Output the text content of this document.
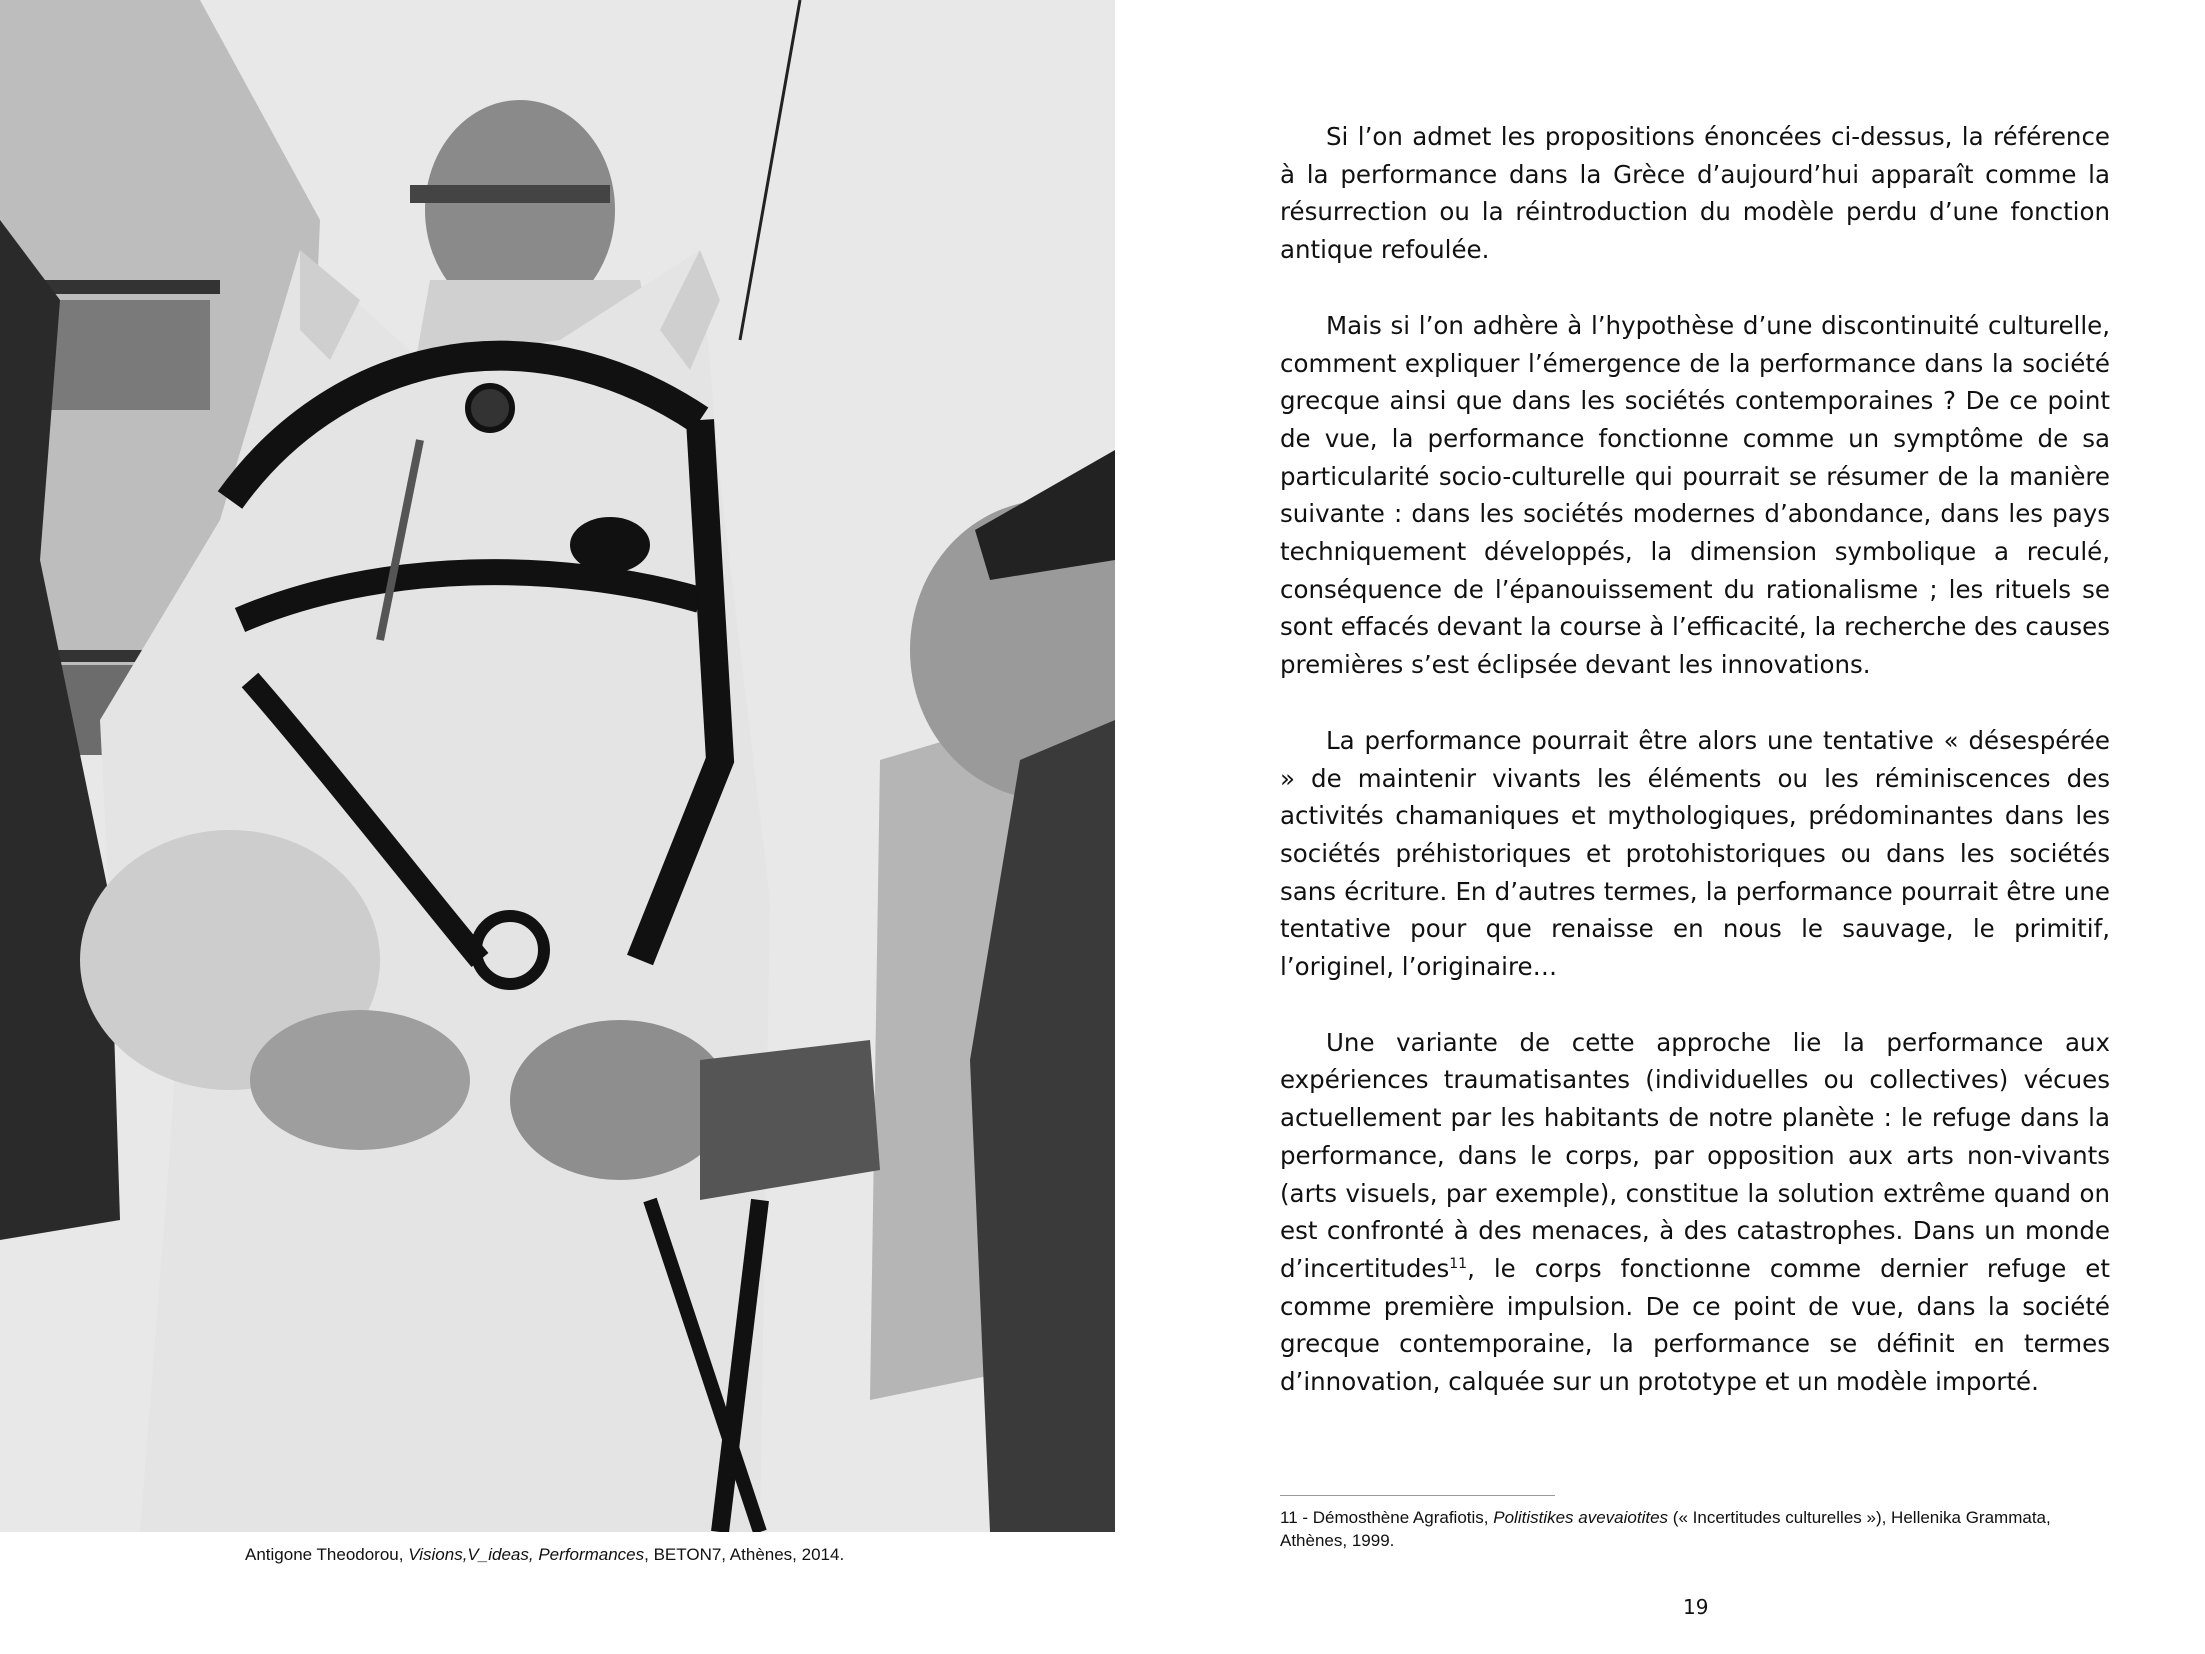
Antigone Theodorou, Visions,V_ideas, Performances, BETON7, Athènes, 2014.

Si l’on admet les propositions énoncées ci-dessus, la référence à la performance dans la Grèce d’aujourd’hui apparaît comme la résurrection ou la réintroduction du modèle perdu d’une fonction antique refoulée.

Mais si l’on adhère à l’hypothèse d’une discontinuité culturelle, comment expliquer l’émergence de la performance dans la société grecque ainsi que dans les sociétés contemporaines ? De ce point de vue, la performance fonctionne comme un symptôme de sa particularité socio-culturelle qui pourrait se résumer de la manière suivante : dans les sociétés modernes d’abondance, dans les pays techniquement développés, la dimension symbolique a reculé, conséquence de l’épanouissement du rationalisme ; les rituels se sont effacés devant la course à l’efficacité, la recherche des causes premières s’est éclipsée devant les innovations.

La performance pourrait être alors une tentative « désespérée » de maintenir vivants les éléments ou les réminiscences des activités chamaniques et mythologiques, prédominantes dans les sociétés préhistoriques et protohistoriques ou dans les sociétés sans écriture. En d’autres termes, la performance pourrait être une tentative pour que renaisse en nous le sauvage, le primitif, l’originel, l’originaire…

Une variante de cette approche lie la performance aux expériences traumatisantes (individuelles ou collectives) vécues actuellement par les habitants de notre planète : le refuge dans la performance, dans le corps, par opposition aux arts non-vivants (arts visuels, par exemple), constitue la solution extrême quand on est confronté à des menaces, à des catastrophes. Dans un monde d’incertitudes$^{11}$, le corps fonctionne comme dernier refuge et comme première impulsion. De ce point de vue, dans la société grecque contemporaine, la performance se définit en termes d’innovation, calquée sur un prototype et un modèle importé.

11 - Démosthène Agrafiotis, Politistikes avevaiotites (« Incertitudes culturelles »), Hellenika Grammata, Athènes, 1999.
19
